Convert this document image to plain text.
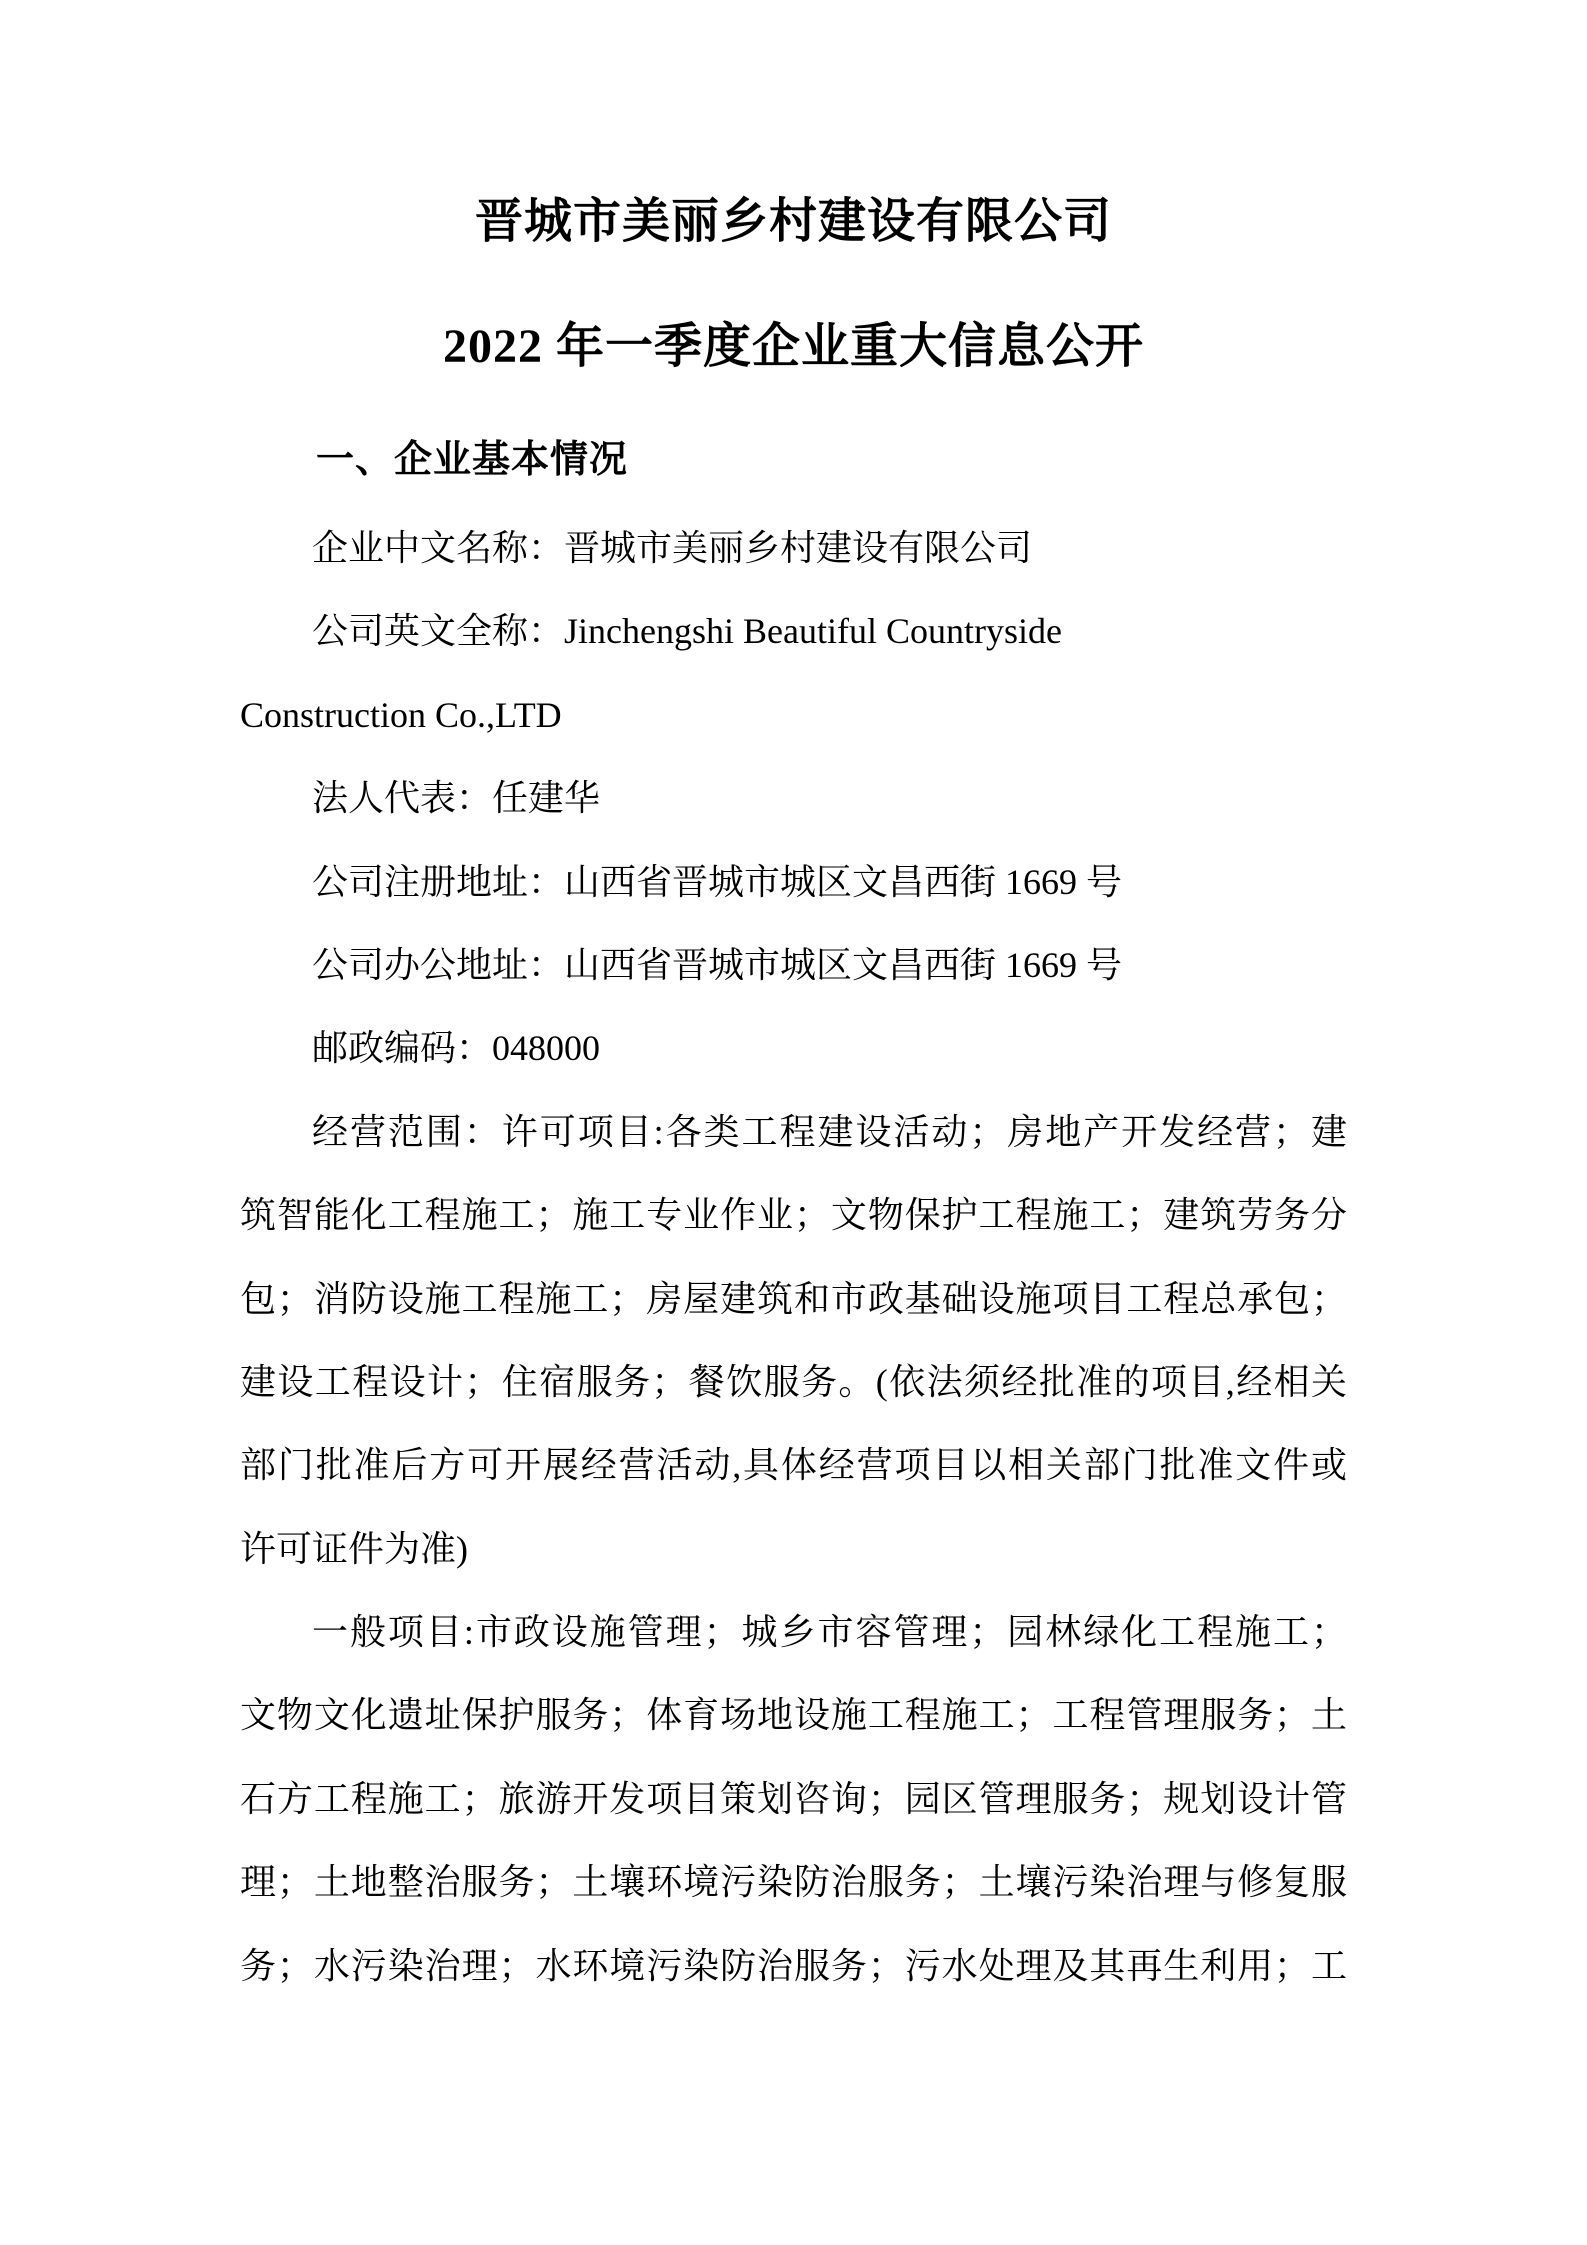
晋城市美丽乡村建设有限公司
2022 年一季度企业重大信息公开
一、企业基本情况
企业中文名称：晋城市美丽乡村建设有限公司
公司英文全称：Jinchengshi Beautiful Countryside
Construction Co.,LTD
法人代表：任建华
公司注册地址：山西省晋城市城区文昌西街 1669 号
公司办公地址：山西省晋城市城区文昌西街 1669 号
邮政编码：048000
经营范围：许可项目:各类工程建设活动；房地产开发经营；建
筑智能化工程施工；施工专业作业；文物保护工程施工；建筑劳务分
包；消防设施工程施工；房屋建筑和市政基础设施项目工程总承包；
建设工程设计；住宿服务；餐饮服务。(依法须经批准的项目,经相关
部门批准后方可开展经营活动,具体经营项目以相关部门批准文件或
许可证件为准)
一般项目:市政设施管理；城乡市容管理；园林绿化工程施工；
文物文化遗址保护服务；体育场地设施工程施工；工程管理服务；土
石方工程施工；旅游开发项目策划咨询；园区管理服务；规划设计管
理；土地整治服务；土壤环境污染防治服务；土壤污染治理与修复服
务；水污染治理；水环境污染防治服务；污水处理及其再生利用；工
